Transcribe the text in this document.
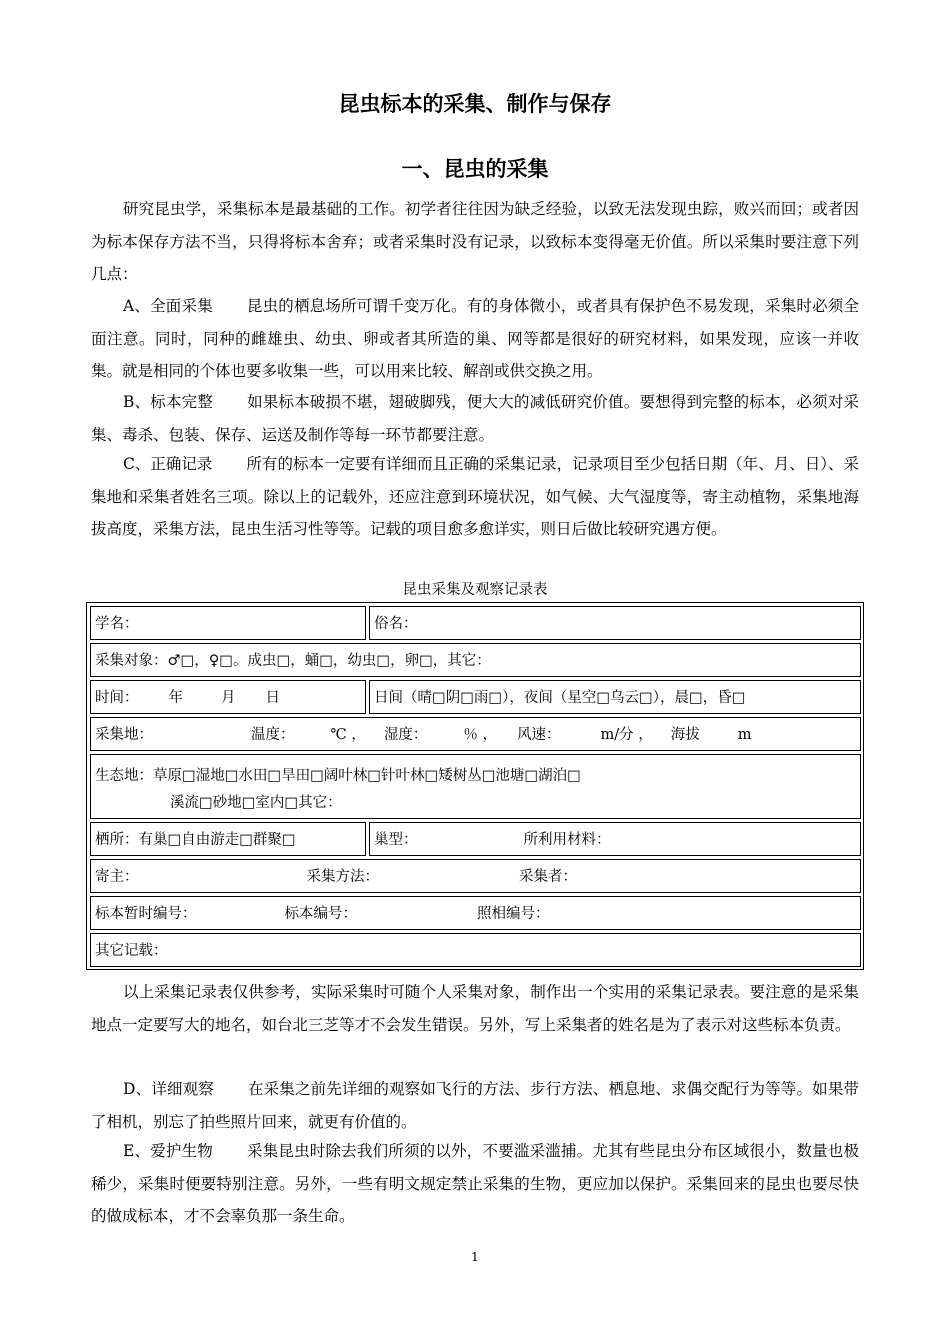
昆虫标本的采集、制作与保存
一、昆虫的采集

研究昆虫学，采集标本是最基础的工作。初学者往往因为缺乏经验，以致无法发现虫踪，败兴而回；或者因为标本保存方法不当，只得将标本舍弃；或者采集时没有记录，以致标本变得毫无价值。所以采集时要注意下列几点：

A、全面采集 昆虫的栖息场所可谓千变万化。有的身体微小，或者具有保护色不易发现，采集时必须全面注意。同时，同种的雌雄虫、幼虫、卵或者其所造的巢、网等都是很好的研究材料，如果发现，应该一并收集。就是相同的个体也要多收集一些，可以用来比较、解剖或供交换之用。

B、标本完整 如果标本破损不堪，翅破脚残，便大大的减低研究价值。要想得到完整的标本，必须对采集、毒杀、包装、保存、运送及制作等每一环节都要注意。

C、正确记录 所有的标本一定要有详细而且正确的采集记录，记录项目至少包括日期（年、月、日）、采集地和采集者姓名三项。除以上的记载外，还应注意到环境状况，如气候、大气湿度等，寄主动植物，采集地海拔高度，采集方法，昆虫生活习性等等。记载的项目愈多愈详实，则日后做比较研究遇方便。

昆虫采集及观察记录表

学名：	俗名：
采集对象：♂□，♀□。成虫□，蛹□，幼虫□，卵□，其它：
时间： 年	月 日	日间（晴□阴□雨□），夜间（星空□乌云□），晨□，昏□
采集地：	温度： ℃ ， 湿度： ％ ， 风速：	m/分 ， 海拔	m
生态地：草原□湿地□水田□旱田□阔叶林□针叶林□矮树丛□池塘□湖泊□
溪流□砂地□室内□其它：
栖所：有巢□自由游走□群聚□	巢型：	所利用材料：
寄主：	采集方法：	采集者：
标本暂时编号：	标本编号：	照相编号：
其它记载：

以上采集记录表仅供参考，实际采集时可随个人采集对象，制作出一个实用的采集记录表。要注意的是采集地点一定要写大的地名，如台北三芝等才不会发生错误。另外，写上采集者的姓名是为了表示对这些标本负责。

D、详细观察 在采集之前先详细的观察如飞行的方法、步行方法、栖息地、求偶交配行为等等。如果带了相机，别忘了拍些照片回来，就更有价值的。

E、爱护生物 采集昆虫时除去我们所须的以外，不要滥采滥捕。尤其有些昆虫分布区域很小，数量也极稀少，采集时便要特别注意。另外，一些有明文规定禁止采集的生物，更应加以保护。采集回来的昆虫也要尽快的做成标本，才不会辜负那一条生命。

1
